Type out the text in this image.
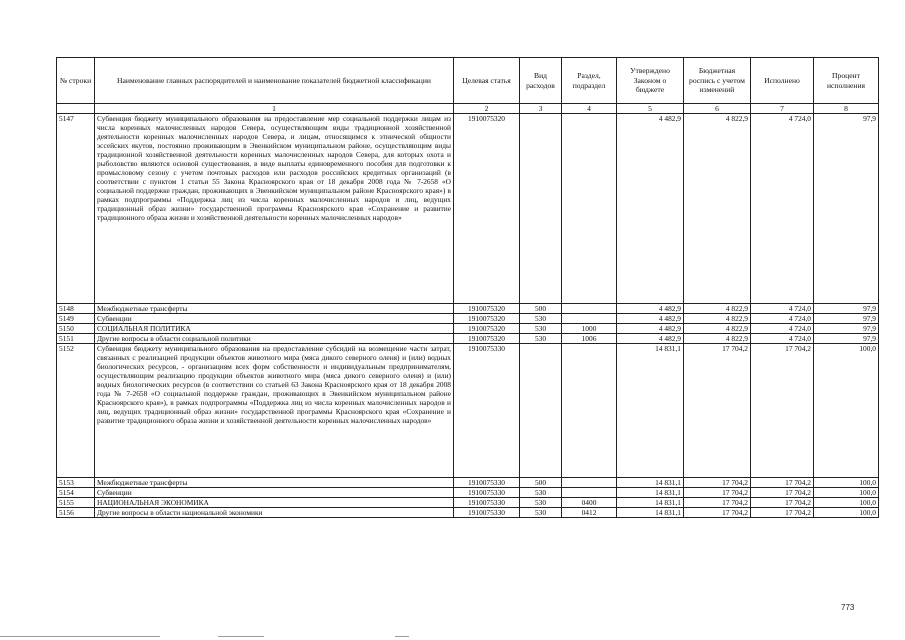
№ строки	Наименование главных распорядителей и наименование показателей бюджетной классификации	Целевая статья	Вид расходов	Раздел, подраздел	Утверждено Законом о бюджете	Бюджетная роспись с учетом изменений	Исполнено	Процент исполнения
	1	2	3	4	5	6	7	8
5147	Субвенция бюджету муниципального образования на предоставление мер социальной поддержки лицам из числа коренных малочисленных народов Севера, осуществляющим виды традиционной хозяйственной деятельности коренных малочисленных народов Севера, и лицам, относящимся к этнической общности эссейских якутов, постоянно проживающим в Эвенкийском муниципальном районе, осуществляющим виды традиционной хозяйственной деятельности коренных малочисленных народов Севера, для которых охота и рыболовство являются основой существования, в виде выплаты единовременного пособия для подготовки к промысловому сезону с учетом почтовых расходов или расходов российских кредитных организаций (в соответствии с пунктом 1 статьи 55 Закона Красноярского края от 18 декабря 2008 года № 7-2658 «О социальной поддержке граждан, проживающих в Эвенкийском муниципальном районе Красноярского края») в рамках подпрограммы «Поддержка лиц из числа коренных малочисленных народов и лиц, ведущих традиционный образ жизни» государственной программы Красноярского края «Сохранение и развитие традиционного образа жизни и хозяйственной деятельности коренных малочисленных народов»	1910075320			4 482,9	4 822,9	4 724,0	97,9
5148	Межбюджетные трансферты	1910075320	500		4 482,9	4 822,9	4 724,0	97,9
5149	Субвенции	1910075320	530		4 482,9	4 822,9	4 724,0	97,9
5150	СОЦИАЛЬНАЯ ПОЛИТИКА	1910075320	530	1000	4 482,9	4 822,9	4 724,0	97,9
5151	Другие вопросы в области социальной политики	1910075320	530	1006	4 482,9	4 822,9	4 724,0	97,9
5152	Субвенция бюджету муниципального образования на предоставление субсидий на возмещение части затрат, связанных с реализацией продукции объектов животного мира (мяса дикого северного оленя) и (или) водных биологических ресурсов, - организациям всех форм собственности и индивидуальным предпринимателям, осуществляющим реализацию продукции объектов животного мира (мяса дикого северного оленя) и (или) водных биологических ресурсов (в соответствии со статьей 63 Закона Красноярского края от 18 декабря 2008 года № 7-2658 «О социальной поддержке граждан, проживающих в Эвенкийском муниципальном районе Красноярского края»), в рамках подпрограммы «Поддержка лиц из числа коренных малочисленных народов и лиц, ведущих традиционный образ жизни» государственной программы Красноярского края «Сохранение и развитие традиционного образа жизни и хозяйственной деятельности коренных малочисленных народов»	1910075330			14 831,1	17 704,2	17 704,2	100,0
5153	Межбюджетные трансферты	1910075330	500		14 831,1	17 704,2	17 704,2	100,0
5154	Субвенции	1910075330	530		14 831,1	17 704,2	17 704,2	100,0
5155	НАЦИОНАЛЬНАЯ ЭКОНОМИКА	1910075330	530	0400	14 831,1	17 704,2	17 704,2	100,0
5156	Другие вопросы в области национальной экономики	1910075330	530	0412	14 831,1	17 704,2	17 704,2	100,0
773
